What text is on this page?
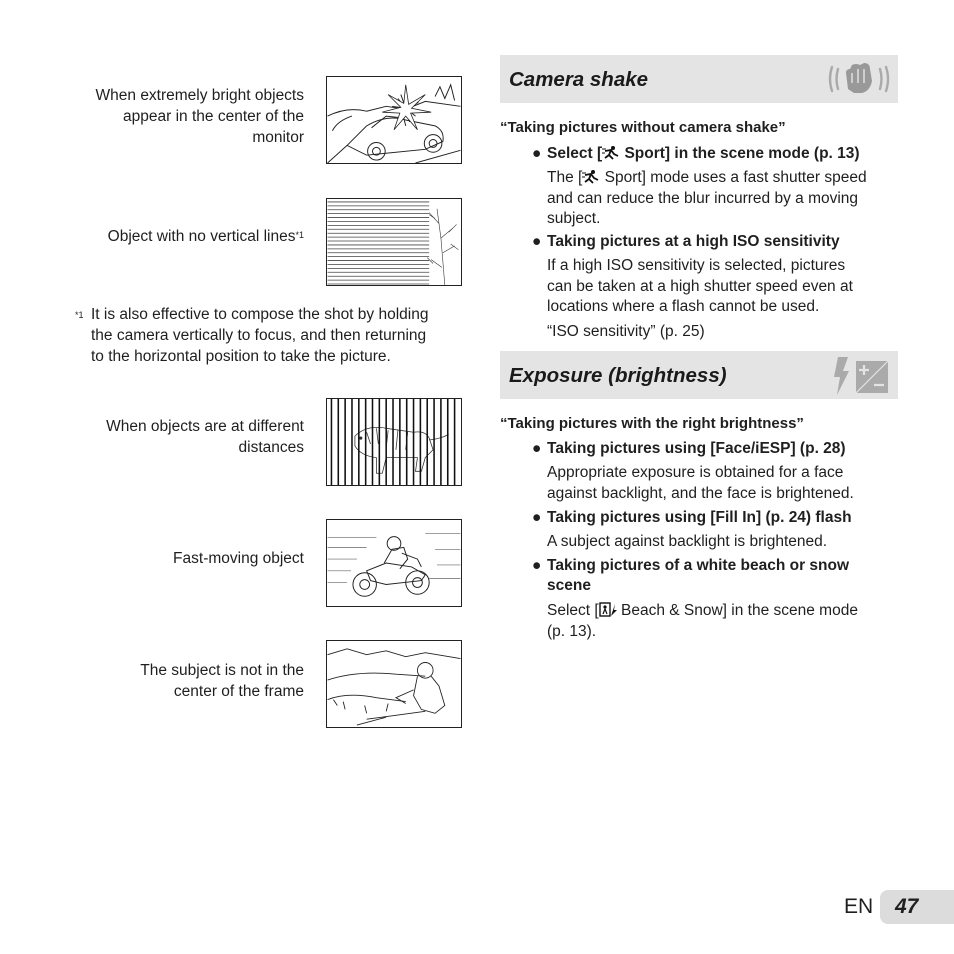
When extremely bright objects
appear in the center of the
monitor
Object with no vertical lines$^{*1}$
*1 It is also effective to compose the shot by holding
the camera vertically to focus, and then returning
to the horizontal position to take the picture.
When objects are at different
distances
Fast-moving object
The subject is not in the
center of the frame
Camera shake
“Taking pictures without camera shake”
● Select [ Sport] in the scene mode (p. 13)
The [ Sport] mode uses a fast shutter speed
and can reduce the blur incurred by a moving
subject.
● Taking pictures at a high ISO sensitivity
If a high ISO sensitivity is selected, pictures
can be taken at a high shutter speed even at
locations where a flash cannot be used.
“ISO sensitivity” (p. 25)
Exposure (brightness)
“Taking pictures with the right brightness”
● Taking pictures using [Face/iESP] (p. 28)
Appropriate exposure is obtained for a face
against backlight, and the face is brightened.
● Taking pictures using [Fill In] (p. 24) flash
A subject against backlight is brightened.
● Taking pictures of a white beach or snow
scene
Select [ Beach & Snow] in the scene mode
(p. 13).
EN 47
